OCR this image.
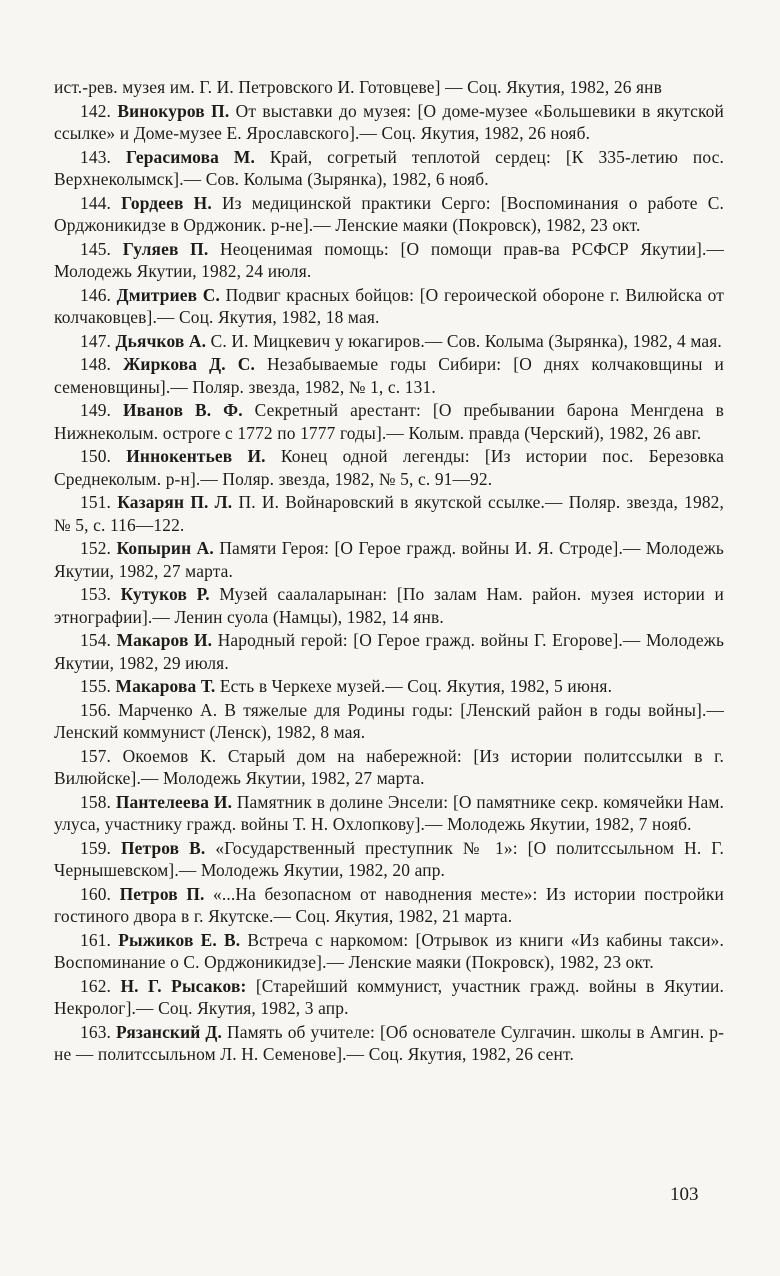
ист.-рев. музея им. Г. И. Петровского И. Готовцеве] — Соц. Якутия, 1982, 26 янв

142. Винокуров П. От выставки до музея: [О доме-музее «Большевики в якутской ссылке» и Доме-музее Е. Ярославского].— Соц. Якутия, 1982, 26 нояб.

143. Герасимова М. Край, согретый теплотой сердец: [К 335-летию пос. Верхнеколымск].— Сов. Колыма (Зырянка), 1982, 6 нояб.

144. Гордеев Н. Из медицинской практики Серго: [Воспоминания о работе С. Орджоникидзе в Орджоник. р-не].— Ленские маяки (Покровск), 1982, 23 окт.

145. Гуляев П. Неоценимая помощь: [О помощи прав-ва РСФСР Якутии].— Молодежь Якутии, 1982, 24 июля.

146. Дмитриев С. Подвиг красных бойцов: [О героической обороне г. Вилюйска от колчаковцев].— Соц. Якутия, 1982, 18 мая.

147. Дьячков А. С. И. Мицкевич у юкагиров.— Сов. Колыма (Зырянка), 1982, 4 мая.

148. Жиркова Д. С. Незабываемые годы Сибири: [О днях колчаковщины и семеновщины].— Поляр. звезда, 1982, № 1, с. 131.

149. Иванов В. Ф. Секретный арестант: [О пребывании барона Менгдена в Нижнеколым. остроге с 1772 по 1777 годы].— Колым. правда (Черский), 1982, 26 авг.

150. Иннокентьев И. Конец одной легенды: [Из истории пос. Березовка Среднеколым. р-н].— Поляр. звезда, 1982, № 5, с. 91—92.

151. Казарян П. Л. П. И. Войнаровский в якутской ссылке.— Поляр. звезда, 1982, № 5, с. 116—122.

152. Копырин А. Памяти Героя: [О Герое гражд. войны И. Я. Строде].— Молодежь Якутии, 1982, 27 марта.

153. Кутуков Р. Музей саалаларынан: [По залам Нам. район. музея истории и этнографии].— Ленин суола (Намцы), 1982, 14 янв.

154. Макаров И. Народный герой: [О Герое гражд. войны Г. Егорове].— Молодежь Якутии, 1982, 29 июля.

155. Макарова Т. Есть в Черкехе музей.— Соц. Якутия, 1982, 5 июня.

156. Марченко А. В тяжелые для Родины годы: [Ленский район в годы войны].— Ленский коммунист (Ленск), 1982, 8 мая.

157. Окоемов К. Старый дом на набережной: [Из истории политссылки в г. Вилюйске].— Молодежь Якутии, 1982, 27 марта.

158. Пантелеева И. Памятник в долине Энсели: [О памятнике секр. комячейки Нам. улуса, участнику гражд. войны Т. Н. Охлопкову].— Молодежь Якутии, 1982, 7 нояб.

159. Петров В. «Государственный преступник № 1»: [О политссыльном Н. Г. Чернышевском].— Молодежь Якутии, 1982, 20 апр.

160. Петров П. «...На безопасном от наводнения месте»: Из истории постройки гостиного двора в г. Якутске.— Соц. Якутия, 1982, 21 марта.

161. Рыжиков Е. В. Встреча с наркомом: [Отрывок из книги «Из кабины такси». Воспоминание о С. Орджоникидзе].— Ленские маяки (Покровск), 1982, 23 окт.

162. Н. Г. Рысаков: [Старейший коммунист, участник гражд. войны в Якутии. Некролог].— Соц. Якутия, 1982, 3 апр.

163. Рязанский Д. Память об учителе: [Об основателе Сулгачин. школы в Амгин. р-не — политссыльном Л. Н. Семенове].— Соц. Якутия, 1982, 26 сент.

103
